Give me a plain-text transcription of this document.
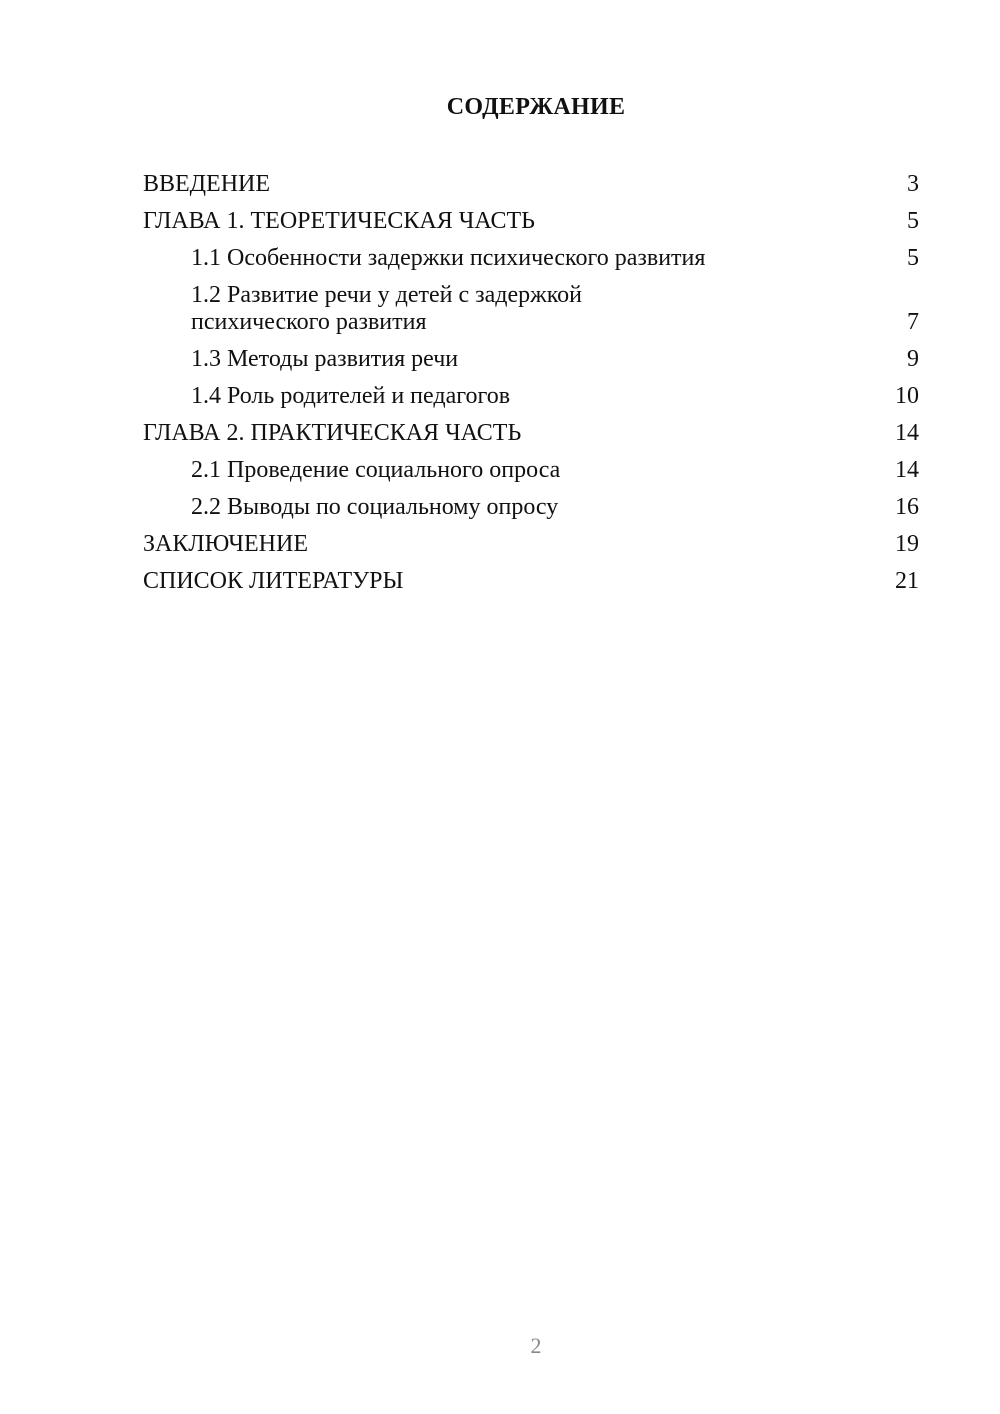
СОДЕРЖАНИЕ
ВВЕДЕНИЕ	3
ГЛАВА 1. ТЕОРЕТИЧЕСКАЯ ЧАСТЬ	5
1.1 Особенности задержки психического развития	5
1.2 Развитие речи у детей с задержкой психического развития	7
1.3 Методы развития речи	9
1.4 Роль родителей и педагогов	10
ГЛАВА 2. ПРАКТИЧЕСКАЯ ЧАСТЬ	14
2.1 Проведение социального опроса	14
2.2 Выводы по социальному опросу	16
ЗАКЛЮЧЕНИЕ	19
СПИСОК ЛИТЕРАТУРЫ	21
2
